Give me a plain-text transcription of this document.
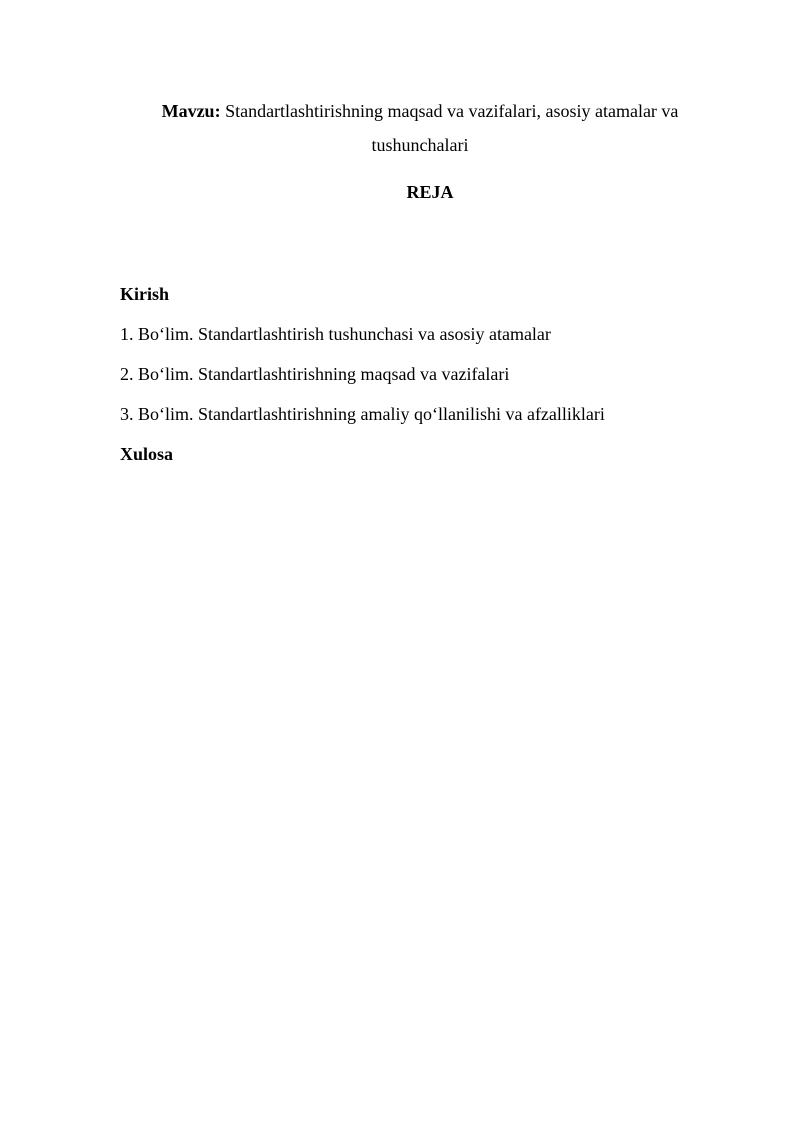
Mavzu: Standartlashtirishning maqsad va vazifalari, asosiy atamalar va
tushunchalari
REJA
Kirish
1. Bo‘lim. Standartlashtirish tushunchasi va asosiy atamalar
2. Bo‘lim. Standartlashtirishning maqsad va vazifalari
3. Bo‘lim. Standartlashtirishning amaliy qo‘llanilishi va afzalliklari
Xulosa
